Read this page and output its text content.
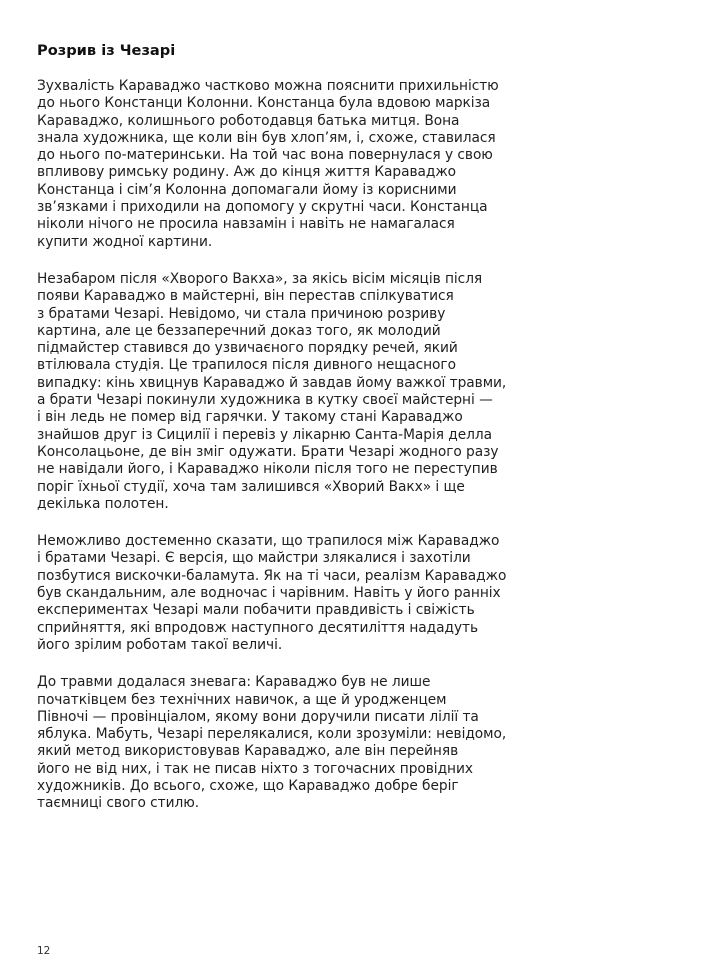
Розрив із Чезарі

Зухвалість Караваджо частково можна пояснити прихильністю
до нього Констанци Колонни. Констанца була вдовою маркіза
Караваджо, колишнього роботодавця батька митця. Вона
знала художника, ще коли він був хлоп’ям, і, схоже, ставилася
до нього по-материнськи. На той час вона повернулася у свою
впливову римську родину. Аж до кінця життя Караваджо
Констанца і сім’я Колонна допомагали йому із корисними
зв’язками і приходили на допомогу у скрутні часи. Констанца
ніколи нічого не просила навзамін і навіть не намагалася
купити жодної картини.

Незабаром після «Хворого Вакха», за якісь вісім місяців після
появи Караваджо в майстерні, він перестав спілкуватися
з братами Чезарі. Невідомо, чи стала причиною розриву
картина, але це беззаперечний доказ того, як молодий
підмайстер ставився до узвичаєного порядку речей, який
втілювала студія. Це трапилося після дивного нещасного
випадку: кінь хвицнув Караваджо й завдав йому важкої травми,
а брати Чезарі покинули художника в кутку своєї майстерні —
і він ледь не помер від гарячки. У такому стані Караваджо
знайшов друг із Сицилії і перевіз у лікарню Санта-Марія делла
Консолацьоне, де він зміг одужати. Брати Чезарі жодного разу
не навідали його, і Караваджо ніколи після того не переступив
поріг їхньої студії, хоча там залишився «Хворий Вакх» і ще
декілька полотен.

Неможливо достеменно сказати, що трапилося між Караваджо
і братами Чезарі. Є версія, що майстри злякалися і захотіли
позбутися вискочки-баламута. Як на ті часи, реалізм Караваджо
був скандальним, але водночас і чарівним. Навіть у його ранніх
експериментах Чезарі мали побачити правдивість і свіжість
сприйняття, які впродовж наступного десятиліття нададуть
його зрілим роботам такої величі.

До травми додалася зневага: Караваджо був не лише
початківцем без технічних навичок, а ще й уродженцем
Півночі — провінціалом, якому вони доручили писати лілії та
яблука. Мабуть, Чезарі перелякалися, коли зрозуміли: невідомо,
який метод використовував Караваджо, але він перейняв
його не від них, і так не писав ніхто з тогочасних провідних
художників. До всього, схоже, що Караваджо добре беріг
таємниці свого стилю.

12
